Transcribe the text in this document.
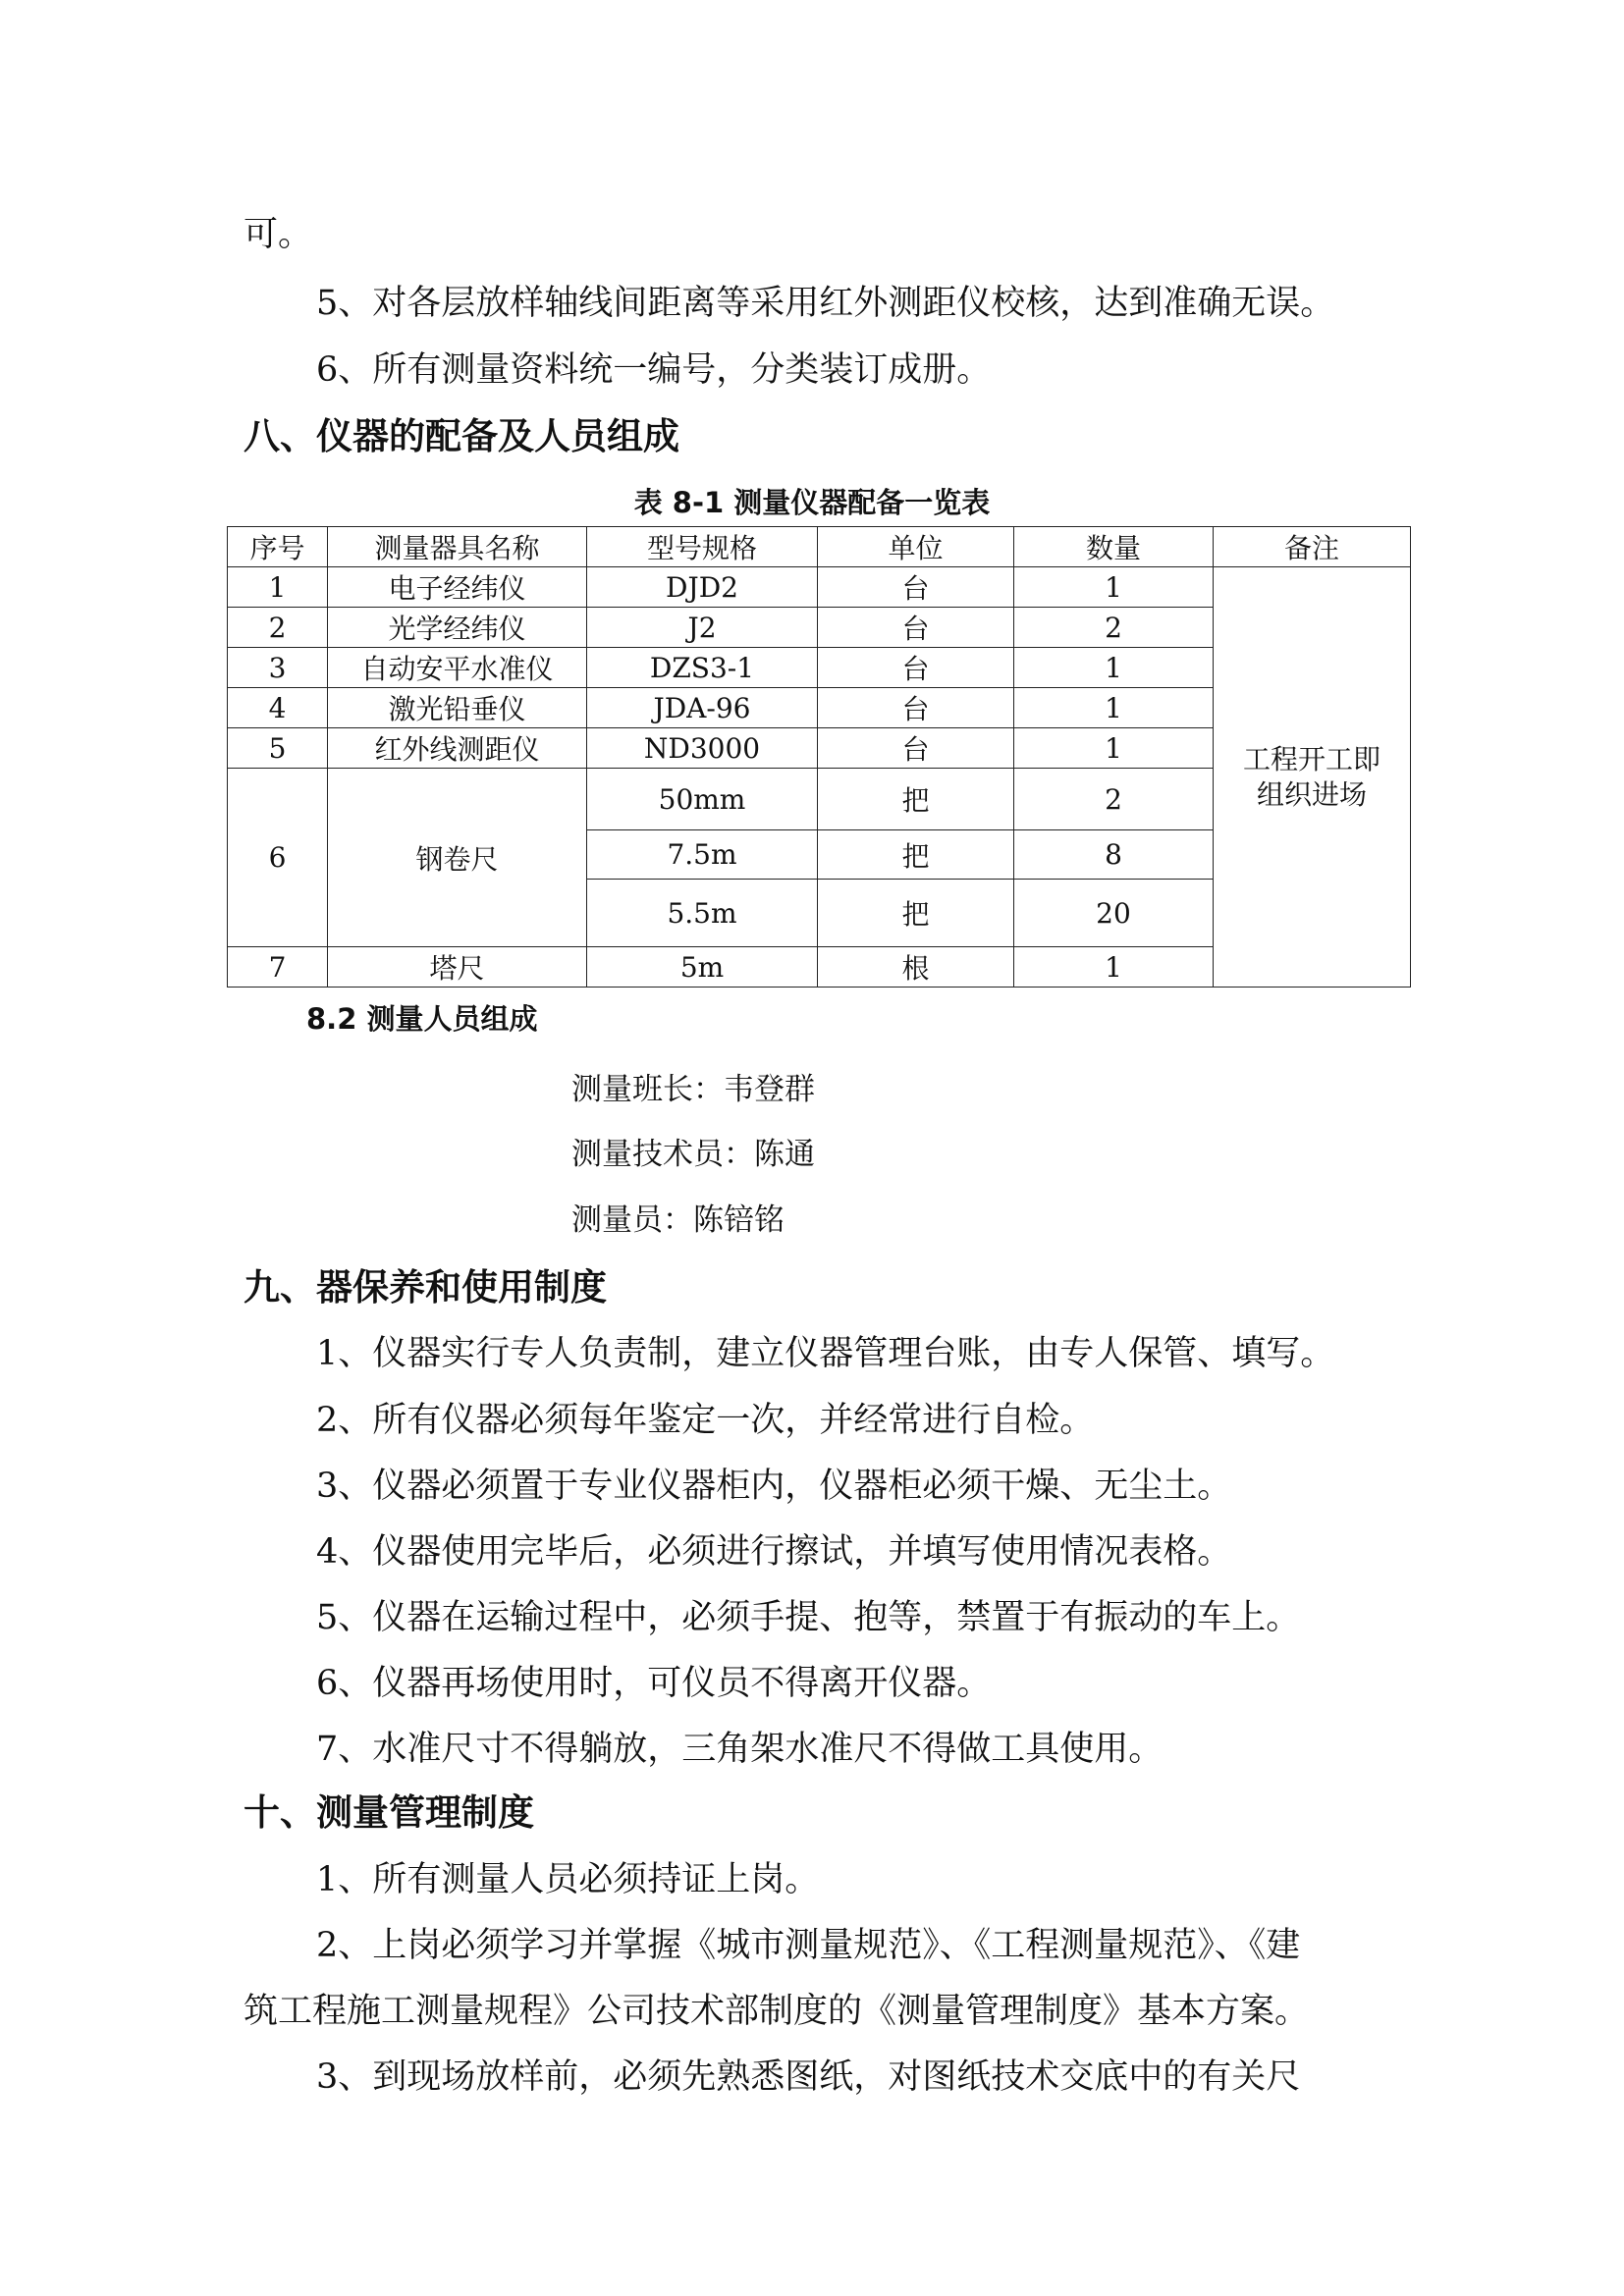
可。

5、对各层放样轴线间距离等采用红外测距仪校核，达到准确无误。

6、所有测量资料统一编号，分类装订成册。

八、仪器的配备及人员组成

表 8-1 测量仪器配备一览表

序号	测量器具名称	型号规格	单位	数量	备注
1	电子经纬仪	DJD2	台	1	工程开工即组织进场
2	光学经纬仪	J2	台	2	
3	自动安平水准仪	DZS3-1	台	1	
4	激光铅垂仪	JDA-96	台	1	
5	红外线测距仪	ND3000	台	1	
6	钢卷尺	50mm	把	2	
		7.5m	把	8	
		5.5m	把	20	
7	塔尺	5m	根	1	

8.2 测量人员组成

测量班长：韦登群

测量技术员：陈通

测量员：陈锫铭

九、器保养和使用制度

1、仪器实行专人负责制，建立仪器管理台账，由专人保管、填写。

2、所有仪器必须每年鉴定一次，并经常进行自检。

3、仪器必须置于专业仪器柜内，仪器柜必须干燥、无尘土。

4、仪器使用完毕后，必须进行擦试，并填写使用情况表格。

5、仪器在运输过程中，必须手提、抱等，禁置于有振动的车上。

6、仪器再场使用时，可仪员不得离开仪器。

7、水准尺寸不得躺放，三角架水准尺不得做工具使用。

十、测量管理制度

1、所有测量人员必须持证上岗。

2、上岗必须学习并掌握《城市测量规范》、《工程测量规范》、《建

筑工程施工测量规程》公司技术部制度的《测量管理制度》基本方案。

3、到现场放样前，必须先熟悉图纸，对图纸技术交底中的有关尺
